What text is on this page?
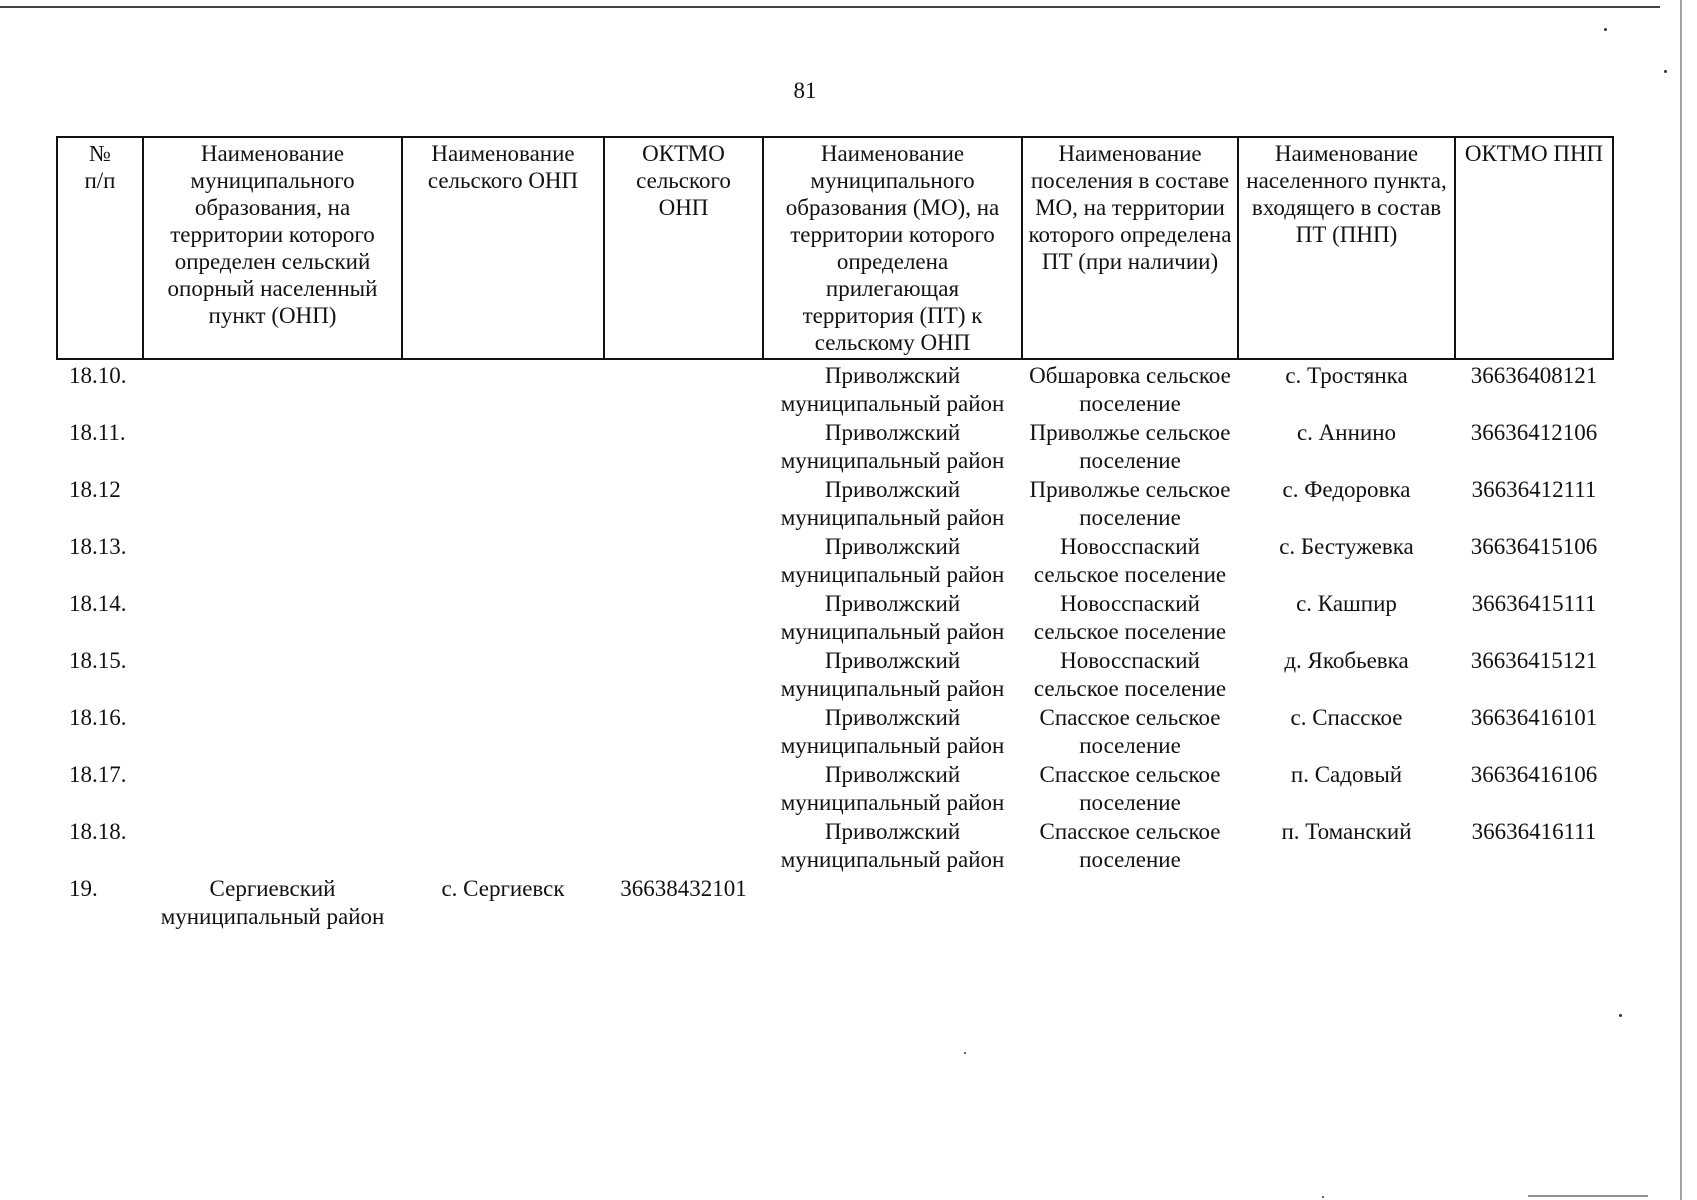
81
№
п/п	Наименование муниципального образования, на территории которого определен сельский опорный населенный пункт (ОНП)	Наименование сельского ОНП	ОКТМО сельского ОНП	Наименование муниципального образования (МО), на территории которого определена прилегающая территория (ПТ) к сельскому ОНП	Наименование поселения в составе МО, на территории которого определена ПТ (при наличии)	Наименование населенного пункта, входящего в состав ПТ (ПНП)	ОКТМО ПНП
18.10.				Приволжский муниципальный район	Обшаровка сельское поселение	с. Тростянка	36636408121
18.11.				Приволжский муниципальный район	Приволжье сельское поселение	с. Аннино	36636412106
18.12				Приволжский муниципальный район	Приволжье сельское поселение	с. Федоровка	36636412111
18.13.				Приволжский муниципальный район	Новосспаский сельское поселение	с. Бестужевка	36636415106
18.14.				Приволжский муниципальный район	Новосспаский сельское поселение	с. Кашпир	36636415111
18.15.				Приволжский муниципальный район	Новосспаский сельское поселение	д. Якобьевка	36636415121
18.16.				Приволжский муниципальный район	Спасское сельское поселение	с. Спасское	36636416101
18.17.				Приволжский муниципальный район	Спасское сельское поселение	п. Садовый	36636416106
18.18.				Приволжский муниципальный район	Спасское сельское поселение	п. Томанский	36636416111
19.	Сергиевский муниципальный район	с. Сергиевск	36638432101				
